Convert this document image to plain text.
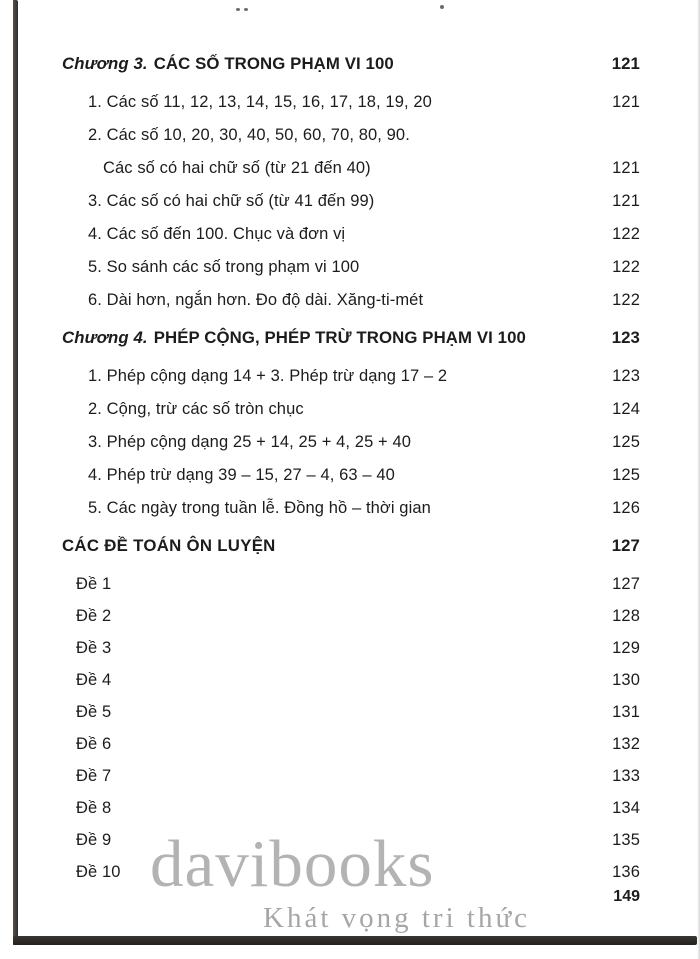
davibooks
Khát vọng tri thức
Chương 3. CÁC SỐ TRONG PHẠM VI 100	121
1. Các số 11, 12, 13, 14, 15, 16, 17, 18, 19, 20	121
2. Các số 10, 20, 30, 40, 50, 60, 70, 80, 90.
Các số có hai chữ số (từ 21 đến 40)	121
3. Các số có hai chữ số (từ 41 đến 99)	121
4. Các số đến 100. Chục và đơn vị	122
5. So sánh các số trong phạm vi 100	122
6. Dài hơn, ngắn hơn. Đo độ dài. Xăng-ti-mét	122
Chương 4. PHÉP CỘNG, PHÉP TRỪ TRONG PHẠM VI 100	123
1. Phép cộng dạng 14 + 3. Phép trừ dạng 17 – 2	123
2. Cộng, trừ các số tròn chục	124
3. Phép cộng dạng 25 + 14, 25 + 4, 25 + 40	125
4. Phép trừ dạng 39 – 15, 27 – 4, 63 – 40	125
5. Các ngày trong tuần lễ. Đồng hồ – thời gian	126
CÁC ĐỀ TOÁN ÔN LUYỆN	127
Đề 1	127
Đề 2	128
Đề 3	129
Đề 4	130
Đề 5	131
Đề 6	132
Đề 7	133
Đề 8	134
Đề 9	135
Đề 10	136
149
